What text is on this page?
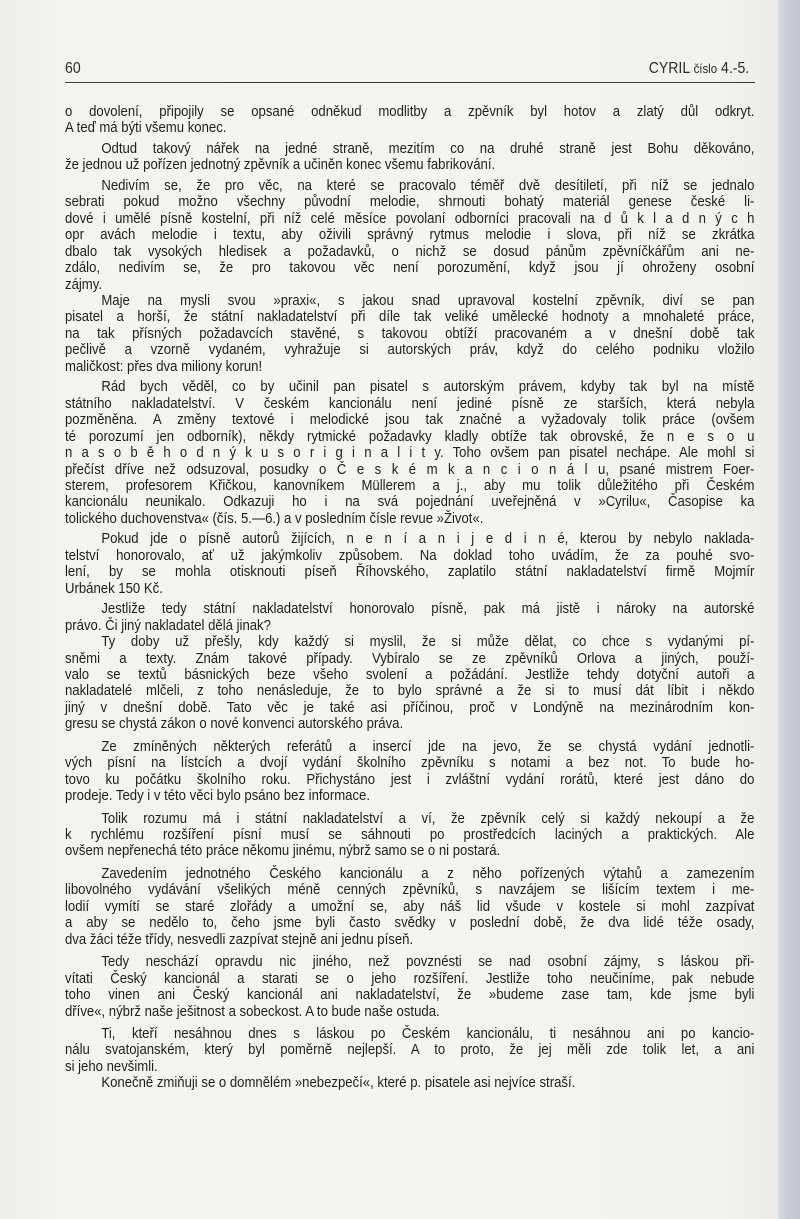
60	CYRIL číslo 4.-5.
o dovolení, připojily se opsané odněkud modlitby a zpěvník byl hotov a zlatý důl odkryt.
A teď má býti všemu konec.
Odtud takový nářek na jedné straně, mezitím co na druhé straně jest Bohu děkováno,
že jednou už pořízen jednotný zpěvník a učiněn konec všemu fabrikování.
Nedivím se, že pro věc, na které se pracovalo téměř dvě desítiletí, při níž se jednalo
sebrati pokud možno všechny původní melodie, shrnouti bohatý materiál genese české li-
dové i umělé písně kostelní, při níž celé měsíce povolaní odborníci pracovali na d ů k l a d n ý c h
opr avách melodie i textu, aby oživili správný rytmus melodie i slova, při níž se zkrátka
dbalo tak vysokých hledisek a požadavků, o nichž se dosud pánům zpěvníčkářům ani ne-
zdálo, nedivím se, že pro takovou věc není porozumění, když jsou jí ohroženy osobní
zájmy.
Maje na mysli svou »praxi«, s jakou snad upravoval kostelní zpěvník, diví se pan
pisatel a horší, že státní nakladatelství při díle tak veliké umělecké hodnoty a mnohaleté práce,
na tak přísných požadavcích stavěné, s takovou obtíží pracovaném a v dnešní době tak
pečlivě a vzorně vydaném, vyhražuje si autorských práv, když do celého podniku vložilo
maličkost: přes dva miliony korun!
Rád bych věděl, co by učinil pan pisatel s autorským právem, kdyby tak byl na místě
státního nakladatelství. V českém kancionálu není jediné písně ze starších, která nebyla
pozměněna. A změny textové i melodické jsou tak značné a vyžadovaly tolik práce (ovšem
té porozumí jen odborník), někdy rytmické požadavky kladly obtíže tak obrovské, že n e s o u
n a s o b ě h o d n ý k u s o r i g i n a l i t y. Toho ovšem pan pisatel nechápe. Ale mohl si
přečíst dříve než odsuzoval, posudky o Č e s k é m k a n c i o n á l u, psané mistrem Foer-
sterem, profesorem Křičkou, kanovníkem Müllerem a j., aby mu tolik důležitého při Českém
kancionálu neunikalo. Odkazuji ho i na svá pojednání uveřejněná v »Cyrilu«, Časopise ka
tolického duchovenstva« (čís. 5.—6.) a v posledním čísle revue »Život«.
Pokud jde o písně autorů žijících, n e n í a n i j e d i n é, kterou by nebylo naklada-
telství honorovalo, ať už jakýmkoliv způsobem. Na doklad toho uvádím, že za pouhé svo-
lení, by se mohla otisknouti píseň Říhovského, zaplatilo státní nakladatelství firmě Mojmír
Urbánek 150 Kč.
Jestliže tedy státní nakladatelství honorovalo písně, pak má jistě i nároky na autorské
právo. Či jiný nakladatel dělá jinak?
Ty doby už přešly, kdy každý si myslil, že si může dělat, co chce s vydanými pí-
sněmi a texty. Znám takové případy. Vybíralo se ze zpěvníků Orlova a jiných, použí-
valo se textů básnických beze všeho svolení a požádání. Jestliže tehdy dotyční autoři a
nakladatelé mlčeli, z toho nenásleduje, že to bylo správné a že si to musí dát líbit i někdo
jiný v dnešní době. Tato věc je také asi příčinou, proč v Londýně na mezinárodním kon-
gresu se chystá zákon o nové konvenci autorského práva.
Ze zmíněných některých referátů a insercí jde na jevo, že se chystá vydání jednotli-
vých písní na lístcích a dvojí vydání školního zpěvníku s notami a bez not. To bude ho-
tovo ku počátku školního roku. Přichystáno jest i zvláštní vydání rorátů, které jest dáno do
prodeje. Tedy i v této věci bylo psáno bez informace.
Tolik rozumu má i státní nakladatelství a ví, že zpěvník celý si každý nekoupí a že
k rychlému rozšíření písní musí se sáhnouti po prostředcích laciných a praktických. Ale
ovšem nepřenechá této práce někomu jinému, nýbrž samo se o ni postará.
Zavedením jednotného Českého kancionálu a z něho pořízených výtahů a zamezením
libovolného vydávání všelikých méně cenných zpěvníků, s navzájem se lišícím textem i me-
lodií vymítí se staré zlořády a umožní se, aby náš lid všude v kostele si mohl zazpívat
a aby se nedělo to, čeho jsme byli často svědky v poslední době, že dva lidé téže osady,
dva žáci téže třídy, nesvedli zazpívat stejně ani jednu píseň.
Tedy neschází opravdu nic jiného, než povznésti se nad osobní zájmy, s láskou při-
vítati Český kancionál a starati se o jeho rozšíření. Jestliže toho neučiníme, pak nebude
toho vinen ani Český kancionál ani nakladatelství, že »budeme zase tam, kde jsme byli
dříve«, nýbrž naše ješitnost a sobeckost. A to bude naše ostuda.
Ti, kteří nesáhnou dnes s láskou po Českém kancionálu, ti nesáhnou ani po kancio-
nálu svatojanském, který byl poměrně nejlepší. A to proto, že jej měli zde tolik let, a ani
si jeho nevšimli.
Konečně zmiňuji se o domnělém »nebezpečí«, které p. pisatele asi nejvíce straší.
